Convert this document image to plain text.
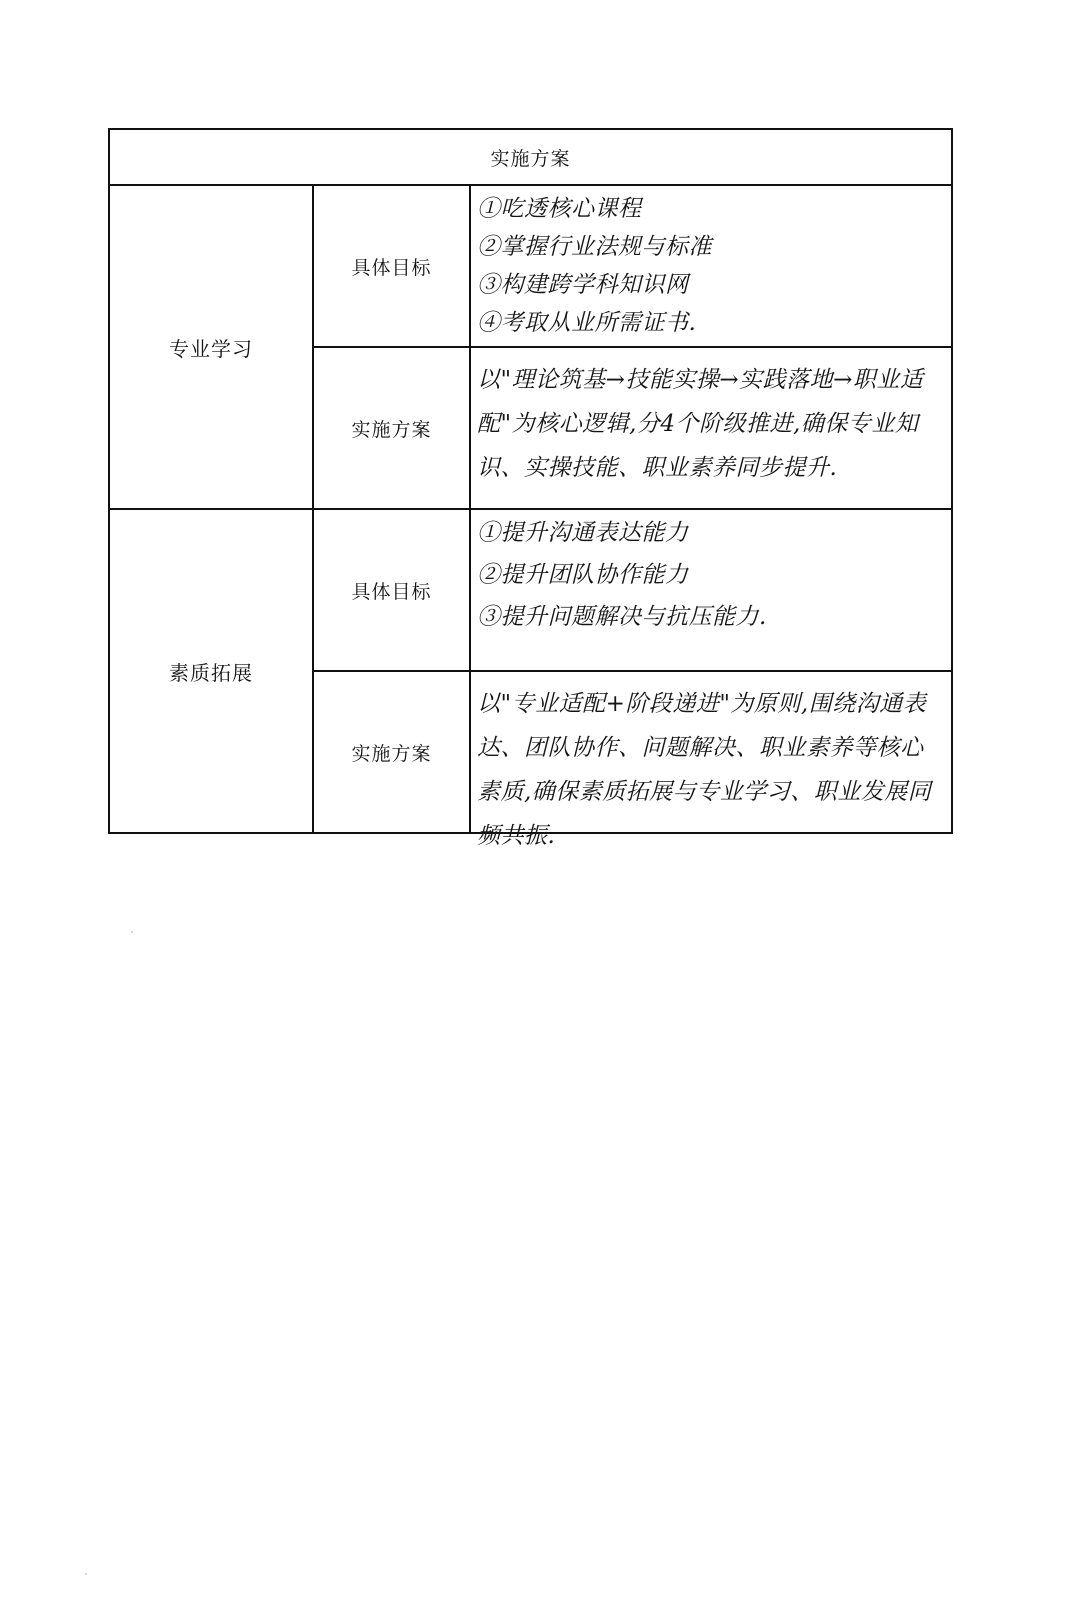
实施方案
专业学习
具体目标
①吃透核心课程
②掌握行业法规与标准
③构建跨学科知识网
④考取从业所需证书.
实施方案
以"理论筑基→技能实操→实践落地→职业适配"为核心逻辑,分4个阶级推进,确保专业知识、实操技能、职业素养同步提升.
素质拓展
具体目标
①提升沟通表达能力
②提升团队协作能力
③提升问题解决与抗压能力.
实施方案
以"专业适配+阶段递进"为原则,围绕沟通表达、团队协作、问题解决、职业素养等核心素质,确保素质拓展与专业学习、职业发展同频共振.
